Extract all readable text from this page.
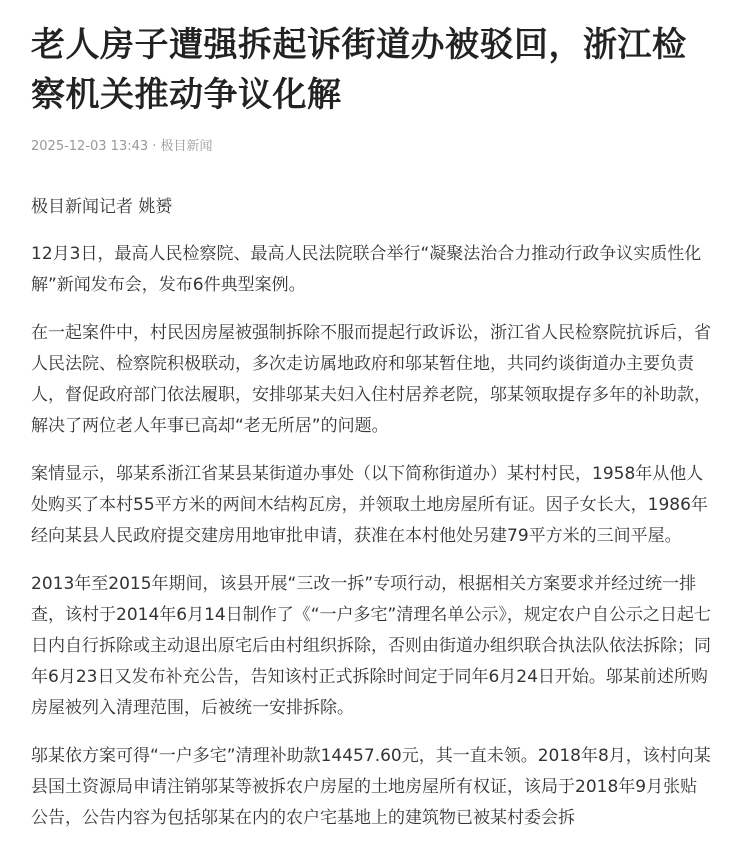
老人房子遭强拆起诉街道办被驳回，浙江检察机关推动争议化解
2025-12-03 13:43 · 极目新闻
极目新闻记者 姚赟

12月3日，最高人民检察院、最高人民法院联合举行“凝聚法治合力推动行政争议实质性化解”新闻发布会，发布6件典型案例。

在一起案件中，村民因房屋被强制拆除不服而提起行政诉讼，浙江省人民检察院抗诉后，省人民法院、检察院积极联动，多次走访属地政府和邬某暂住地，共同约谈街道办主要负责人，督促政府部门依法履职，安排邬某夫妇入住村居养老院，邬某领取提存多年的补助款，解决了两位老人年事已高却“老无所居”的问题。

案情显示，邬某系浙江省某县某街道办事处（以下简称街道办）某村村民，1958年从他人处购买了本村55平方米的两间木结构瓦房，并领取土地房屋所有证。因子女长大，1986年经向某县人民政府提交建房用地审批申请，获准在本村他处另建79平方米的三间平屋。

2013年至2015年期间，该县开展“三改一拆”专项行动，根据相关方案要求并经过统一排查，该村于2014年6月14日制作了《“一户多宅”清理名单公示》，规定农户自公示之日起七日内自行拆除或主动退出原宅后由村组织拆除，否则由街道办组织联合执法队依法拆除；同年6月23日又发布补充公告，告知该村正式拆除时间定于同年6月24日开始。邬某前述所购房屋被列入清理范围，后被统一安排拆除。

邬某依方案可得“一户多宅”清理补助款14457.60元，其一直未领。2018年8月，该村向某县国土资源局申请注销邬某等被拆农户房屋的土地房屋所有权证，该局于2018年9月张贴公告，公告内容为包括邬某在内的农户宅基地上的建筑物已被某村委会拆
